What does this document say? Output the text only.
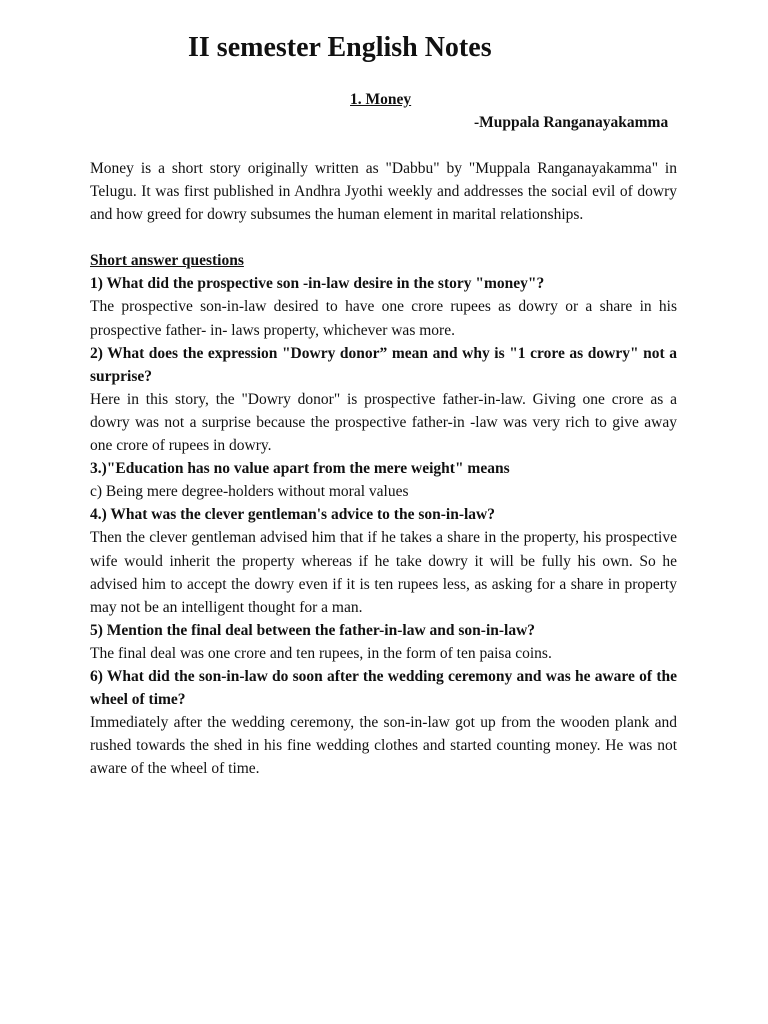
II semester English Notes

1. Money

-Muppala Ranganayakamma

Money is a short story originally written as "Dabbu" by "Muppala Ranganayakamma" in Telugu. It was first published in Andhra Jyothi weekly and addresses the social evil of dowry and how greed for dowry subsumes the human element in marital relationships.

Short answer questions

1) What did the prospective son -in-law desire in the story "money"?

The prospective son-in-law desired to have one crore rupees as dowry or a share in his prospective father- in- laws property, whichever was more.

2) What does the expression "Dowry donor” mean and why is "1 crore as dowry" not a surprise?

Here in this story, the "Dowry donor" is prospective father-in-law. Giving one crore as a dowry was not a surprise because the prospective father-in -law was very rich to give away one crore of rupees in dowry.

3.)"Education has no value apart from the mere weight" means

c) Being mere degree-holders without moral values

4.) What was the clever gentleman's advice to the son-in-law?

Then the clever gentleman advised him that if he takes a share in the property, his prospective wife would inherit the property whereas if he take dowry it will be fully his own. So he advised him to accept the dowry even if it is ten rupees less, as asking for a share in property may not be an intelligent thought for a man.

5) Mention the final deal between the father-in-law and son-in-law?

The final deal was one crore and ten rupees, in the form of ten paisa coins.

6) What did the son-in-law do soon after the wedding ceremony and was he aware of the wheel of time?

Immediately after the wedding ceremony, the son-in-law got up from the wooden plank and rushed towards the shed in his fine wedding clothes and started counting money. He was not aware of the wheel of time.
